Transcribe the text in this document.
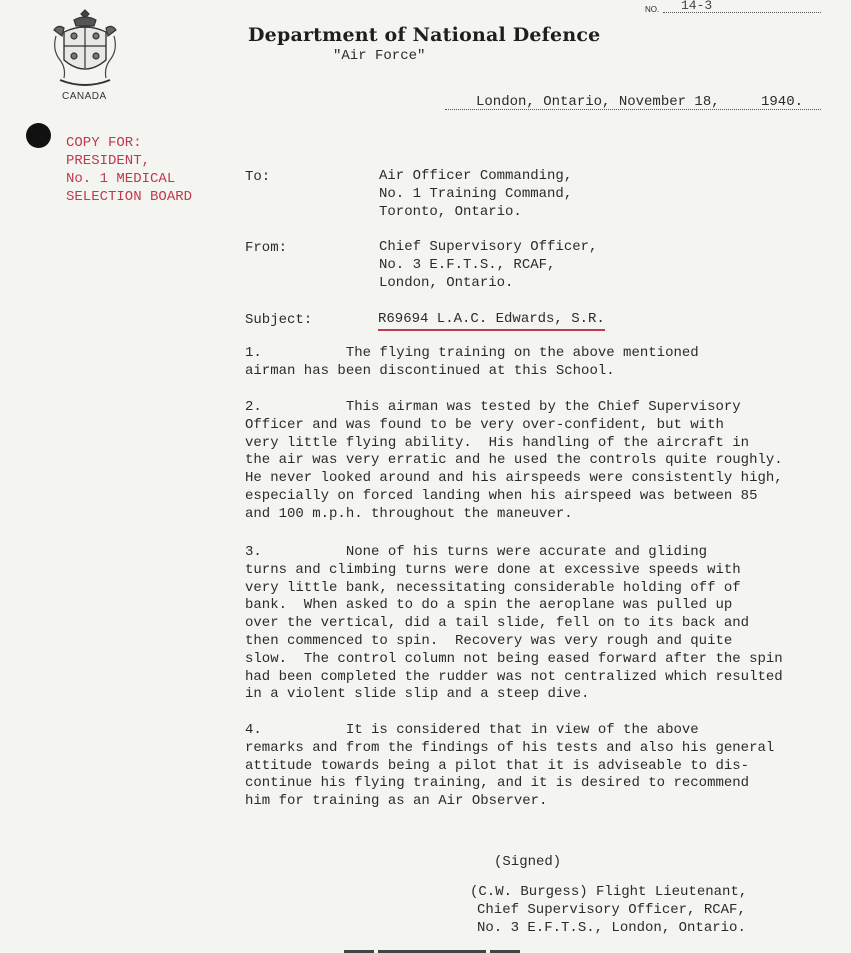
CANADA
Department of National Defence
"Air Force"
NO. 14-3
London, Ontario, November 18,	1940.
COPY FOR:
PRESIDENT,
No. 1 MEDICAL
SELECTION BOARD
To:	Air Officer Commanding,
No. 1 Training Command,
Toronto, Ontario.
From:	Chief Supervisory Officer,
No. 3 E.F.T.S., RCAF,
London, Ontario.
Subject:	R69694 L.A.C. Edwards, S.R.
1.          The flying training on the above mentioned
airman has been discontinued at this School.
2.          This airman was tested by the Chief Supervisory
Officer and was found to be very over-confident, but with
very little flying ability.  His handling of the aircraft in
the air was very erratic and he used the controls quite roughly.
He never looked around and his airspeeds were consistently high,
especially on forced landing when his airspeed was between 85
and 100 m.p.h. throughout the maneuver.
3.          None of his turns were accurate and gliding
turns and climbing turns were done at excessive speeds with
very little bank, necessitating considerable holding off of
bank.  When asked to do a spin the aeroplane was pulled up
over the vertical, did a tail slide, fell on to its back and
then commenced to spin.  Recovery was very rough and quite
slow.  The control column not being eased forward after the spin
had been completed the rudder was not centralized which resulted
in a violent slide slip and a steep dive.
4.          It is considered that in view of the above
remarks and from the findings of his tests and also his general
attitude towards being a pilot that it is adviseable to dis-
continue his flying training, and it is desired to recommend
him for training as an Air Observer.
(Signed)
(C.W. Burgess) Flight Lieutenant,
Chief Supervisory Officer, RCAF,
No. 3 E.F.T.S., London, Ontario.
